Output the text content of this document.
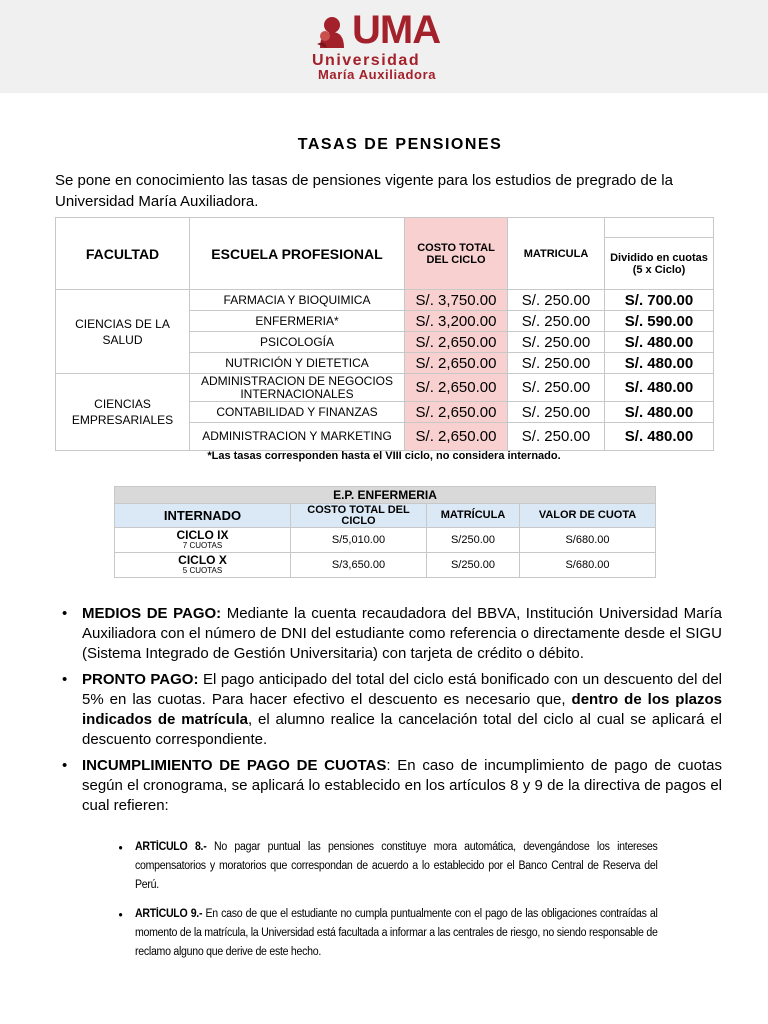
UMA
Universidad
María Auxiliadora
TASAS DE PENSIONES
Se pone en conocimiento las tasas de pensiones vigente para los estudios de pregrado de la Universidad María Auxiliadora.
FACULTAD	ESCUELA PROFESIONAL	COSTO TOTAL DEL CICLO	MATRICULA	
				Dividido en cuotas (5 x Ciclo)
CIENCIAS DE LA SALUD	FARMACIA Y BIOQUIMICA	S/. 3,750.00	S/. 250.00	S/. 700.00
	ENFERMERIA*	S/. 3,200.00	S/. 250.00	S/. 590.00
	PSICOLOGÍA	S/. 2,650.00	S/. 250.00	S/. 480.00
	NUTRICIÓN Y DIETETICA	S/. 2,650.00	S/. 250.00	S/. 480.00
CIENCIAS EMPRESARIALES	ADMINISTRACION DE NEGOCIOS INTERNACIONALES	S/. 2,650.00	S/. 250.00	S/. 480.00
	CONTABILIDAD Y FINANZAS	S/. 2,650.00	S/. 250.00	S/. 480.00
	ADMINISTRACION Y MARKETING	S/. 2,650.00	S/. 250.00	S/. 480.00
*Las tasas corresponden hasta el VIII ciclo, no considera internado.
E.P. ENFERMERIA			
INTERNADO	COSTO TOTAL DEL CICLO	MATRÍCULA	VALOR DE CUOTA
CICLO IX
7 CUOTAS	S/5,010.00	S/250.00	S/680.00
CICLO X
5 CUOTAS	S/3,650.00	S/250.00	S/680.00
• MEDIOS DE PAGO: Mediante la cuenta recaudadora del BBVA, Institución Universidad María Auxiliadora con el número de DNI del estudiante como referencia o directamente desde el SIGU (Sistema Integrado de Gestión Universitaria) con tarjeta de crédito o débito.
• PRONTO PAGO: El pago anticipado del total del ciclo está bonificado con un descuento del del 5% en las cuotas. Para hacer efectivo el descuento es necesario que, dentro de los plazos indicados de matrícula, el alumno realice la cancelación total del ciclo al cual se aplicará el descuento correspondiente.
• INCUMPLIMIENTO DE PAGO DE CUOTAS: En caso de incumplimiento de pago de cuotas según el cronograma, se aplicará lo establecido en los artículos 8 y 9 de la directiva de pagos el cual refieren:
• ARTÍCULO 8.- No pagar puntual las pensiones constituye mora automática, devengándose los intereses compensatorios y moratorios que correspondan de acuerdo a lo establecido por el Banco Central de Reserva del Perú.
• ARTÍCULO 9.- En caso de que el estudiante no cumpla puntualmente con el pago de las obligaciones contraídas al momento de la matrícula, la Universidad está facultada a informar a las centrales de riesgo, no siendo responsable de reclamo alguno que derive de este hecho.
